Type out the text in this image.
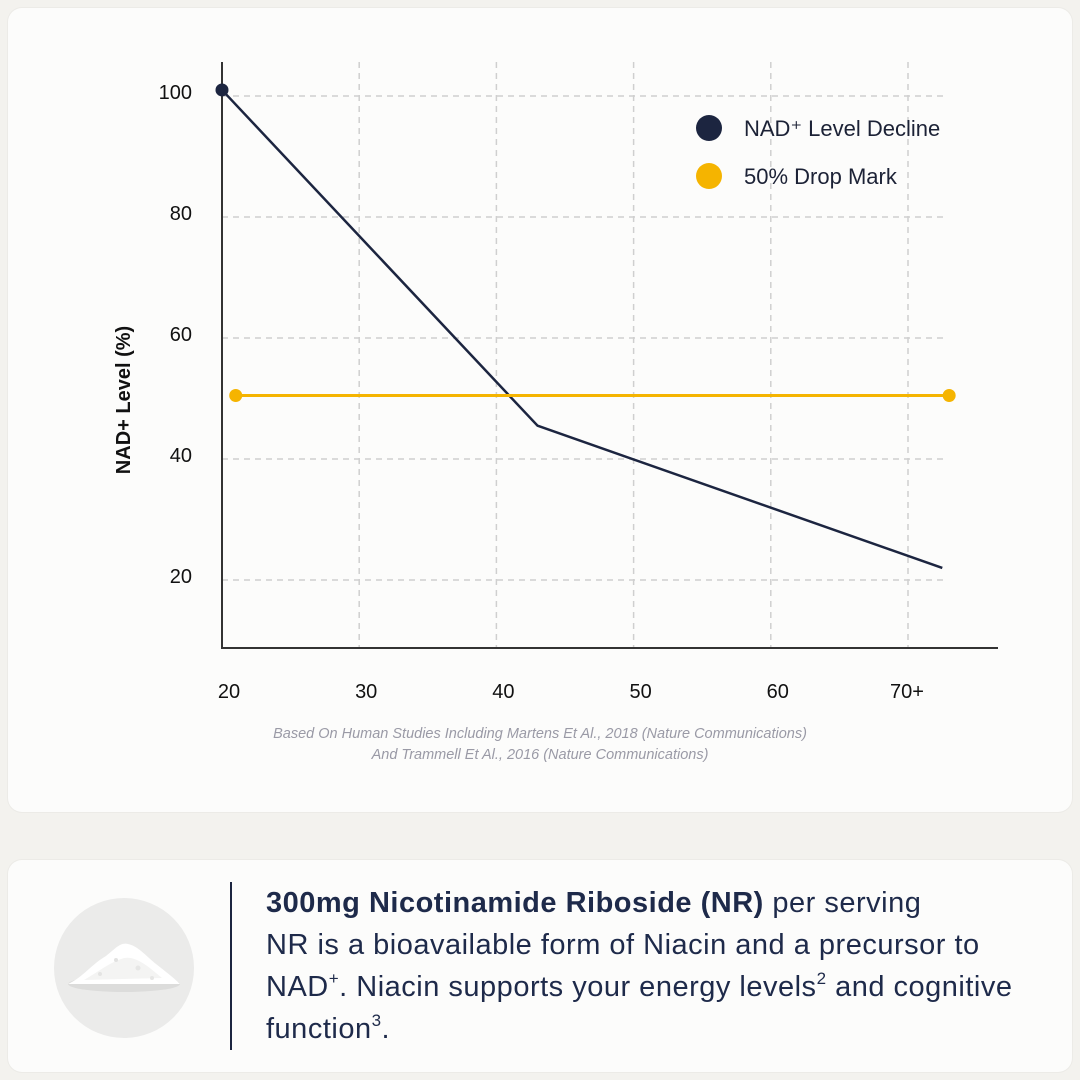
20	30	40	50	60	70+
100
80
60
40
20
NAD+ Level (%)
NAD⁺ Level Decline
50% Drop Mark
Based On Human Studies Including Martens Et Al., 2018 (Nature Communications)
And Trammell Et Al., 2016 (Nature Communications)
300mg Nicotinamide Riboside (NR) per serving
NR is a bioavailable form of Niacin and a precursor to NAD+. Niacin supports your energy levels$^2$ and cognitive function$^3$.
